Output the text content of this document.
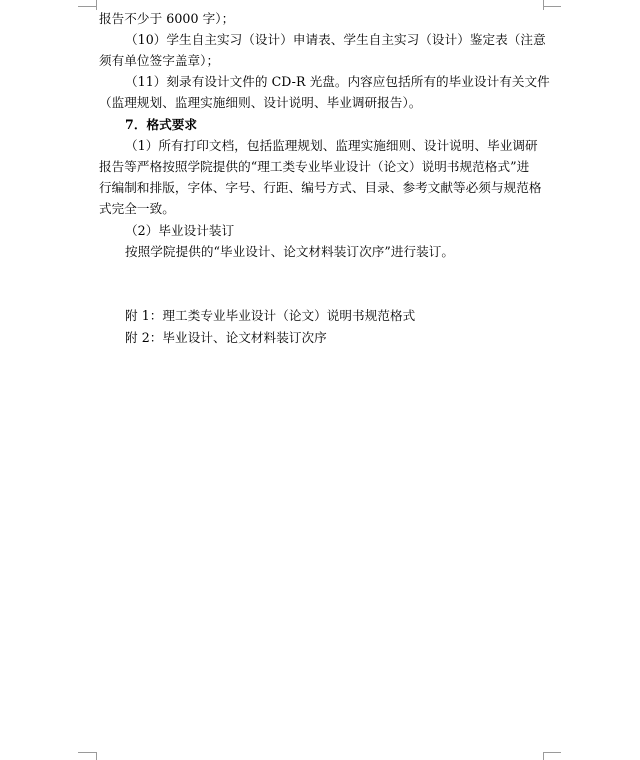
报告不少于 6000 字）；
（10）学生自主实习（设计）申请表、学生自主实习（设计）鉴定表（注意
须有单位签字盖章）；
（11）刻录有设计文件的 CD-R 光盘。内容应包括所有的毕业设计有关文件
（监理规划、监理实施细则、设计说明、毕业调研报告）。
7．格式要求
（1）所有打印文档，包括监理规划、监理实施细则、设计说明、毕业调研
报告等严格按照学院提供的“理工类专业毕业设计（论文）说明书规范格式”进
行编制和排版，字体、字号、行距、编号方式、目录、参考文献等必须与规范格
式完全一致。
（2）毕业设计装订
按照学院提供的“毕业设计、论文材料装订次序”进行装订。
附 1：理工类专业毕业设计（论文）说明书规范格式
附 2：毕业设计、论文材料装订次序
